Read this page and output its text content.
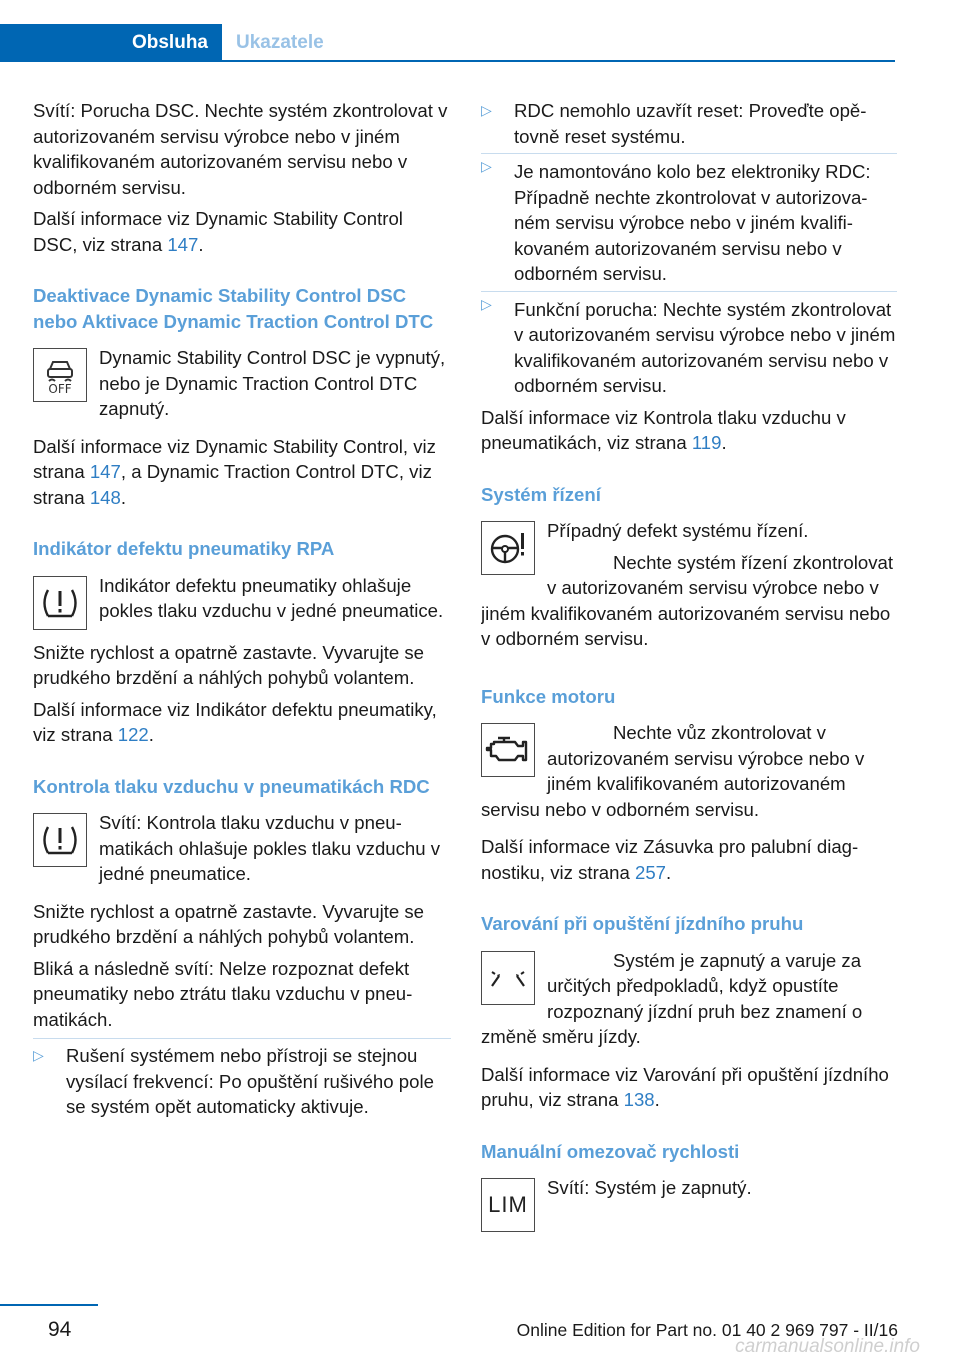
Obsluha	Ukazatele

Svítí: Porucha DSC. Nechte systém zkontrolovat v autorizovaném servisu výrobce nebo v jiném kvalifikovaném autorizovaném servisu nebo v odborném servisu.

Další informace viz Dynamic Stability Control DSC, viz strana 147.

Deaktivace Dynamic Stability Control DSC nebo Aktivace Dynamic Traction Control DTC
OFF

Dynamic Stability Control DSC je vypnutý, nebo je Dynamic Traction Control DTC zapnutý.

Další informace viz Dynamic Stability Control, viz strana 147, a Dynamic Traction Control DTC, viz strana 148.

Indikátor defektu pneumatiky RPA

Indikátor defektu pneumatiky ohlašuje pokles tlaku vzduchu v jedné pneumatice.

Snižte rychlost a opatrně zastavte. Vyvarujte se prudkého brzdění a náhlých pohybů volantem.

Další informace viz Indikátor defektu pneumatiky, viz strana 122.

Kontrola tlaku vzduchu v pneumatikách RDC

Svítí: Kontrola tlaku vzduchu v pneumatikách ohlašuje pokles tlaku vzduchu v jedné pneumatice.

Snižte rychlost a opatrně zastavte. Vyvarujte se prudkého brzdění a náhlých pohybů volantem.

Bliká a následně svítí: Nelze rozpoznat defekt pneumatiky nebo ztrátu tlaku vzduchu v pneumatikách.

▷ Rušení systémem nebo přístroji se stejnou vysílací frekvencí: Po opuštění rušivého pole se systém opět automaticky aktivuje.
▷ RDC nemohlo uzavřít reset: Proveďte opětovně reset systému.
▷ Je namontováno kolo bez elektroniky RDC: Případně nechte zkontrolovat v autorizovaném servisu výrobce nebo v jiném kvalifikovaném autorizovaném servisu nebo v odborném servisu.
▷ Funkční porucha: Nechte systém zkontrolovat v autorizovaném servisu výrobce nebo v jiném kvalifikovaném autorizovaném servisu nebo v odborném servisu.

Další informace viz Kontrola tlaku vzduchu v pneumatikách, viz strana 119.

Systém řízení

Případný defekt systému řízení.

Nechte systém řízení zkontrolovat v autorizovaném servisu výrobce nebo v jiném kvalifikovaném autorizovaném servisu nebo v odborném servisu.

Funkce motoru

Nechte vůz zkontrolovat v autorizovaném servisu výrobce nebo v jiném kvalifikovaném autorizovaném servisu nebo v odborném servisu.

Další informace viz Zásuvka pro palubní diagnostiku, viz strana 257.

Varování při opuštění jízdního pruhu

Systém je zapnutý a varuje za určitých předpokladů, když opustíte rozpoznaný jízdní pruh bez znamení o změně směru jízdy.

Další informace viz Varování při opuštění jízdního pruhu, viz strana 138.

Manuální omezovač rychlosti
LIM

Svítí: Systém je zapnutý.

94
carmanualsonline.info
Online Edition for Part no. 01 40 2 969 797 - II/16
